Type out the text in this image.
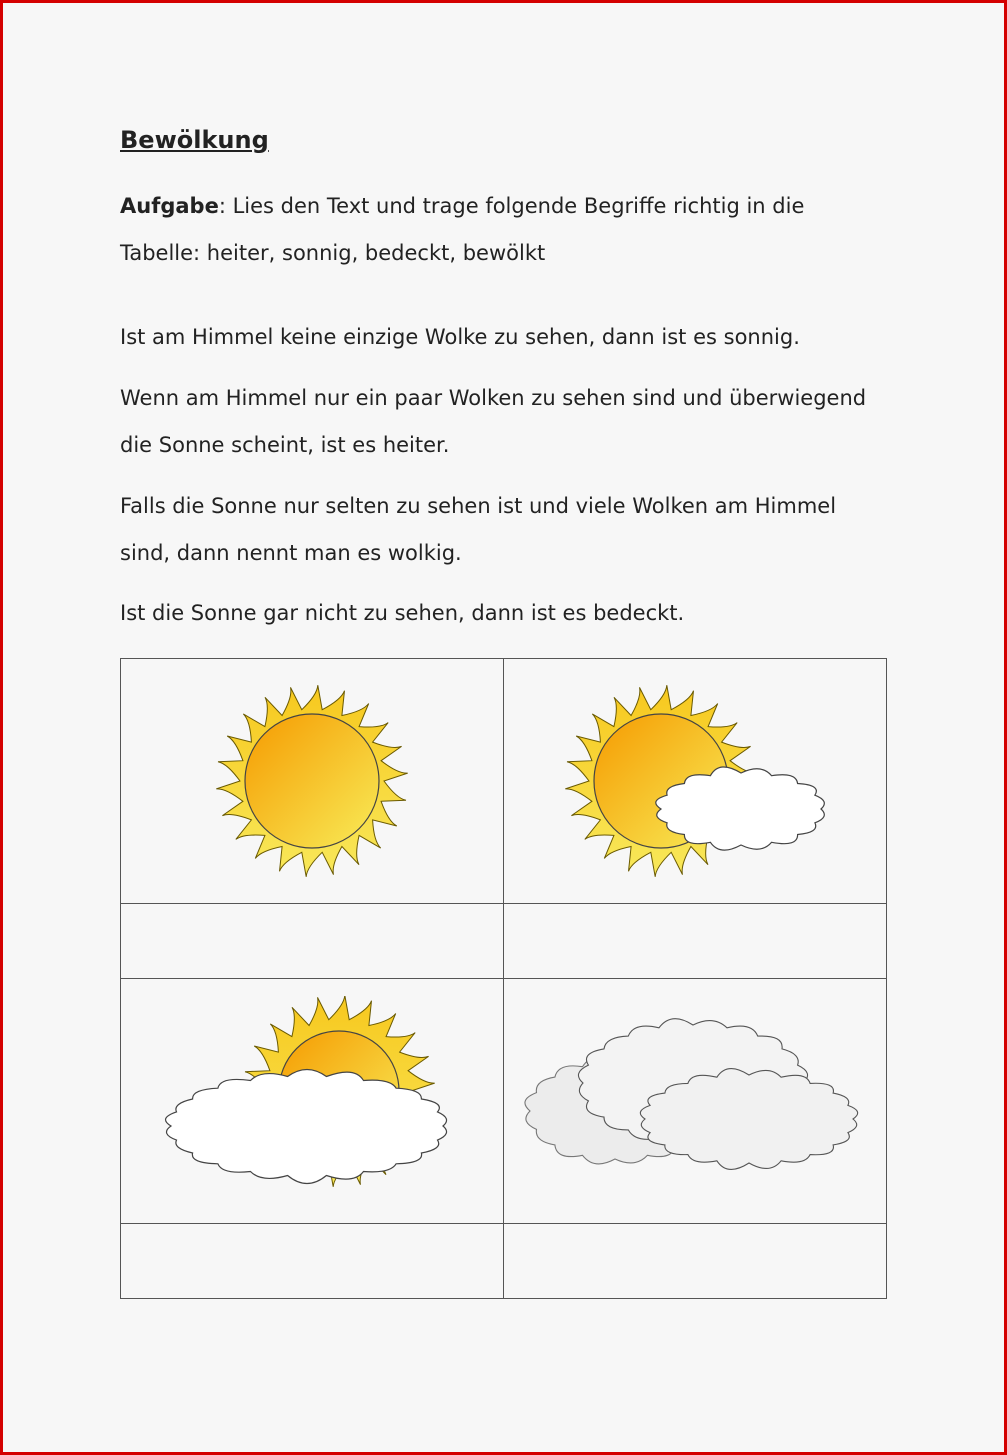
Bewölkung

Aufgabe: Lies den Text und trage folgende Begriffe richtig in die Tabelle: heiter, sonnig, bedeckt, bewölkt

Ist am Himmel keine einzige Wolke zu sehen, dann ist es sonnig.

Wenn am Himmel nur ein paar Wolken zu sehen sind und überwiegend die Sonne scheint, ist es heiter.

Falls die Sonne nur selten zu sehen ist und viele Wolken am Himmel sind, dann nennt man es wolkig.

Ist die Sonne gar nicht zu sehen, dann ist es bedeckt.
